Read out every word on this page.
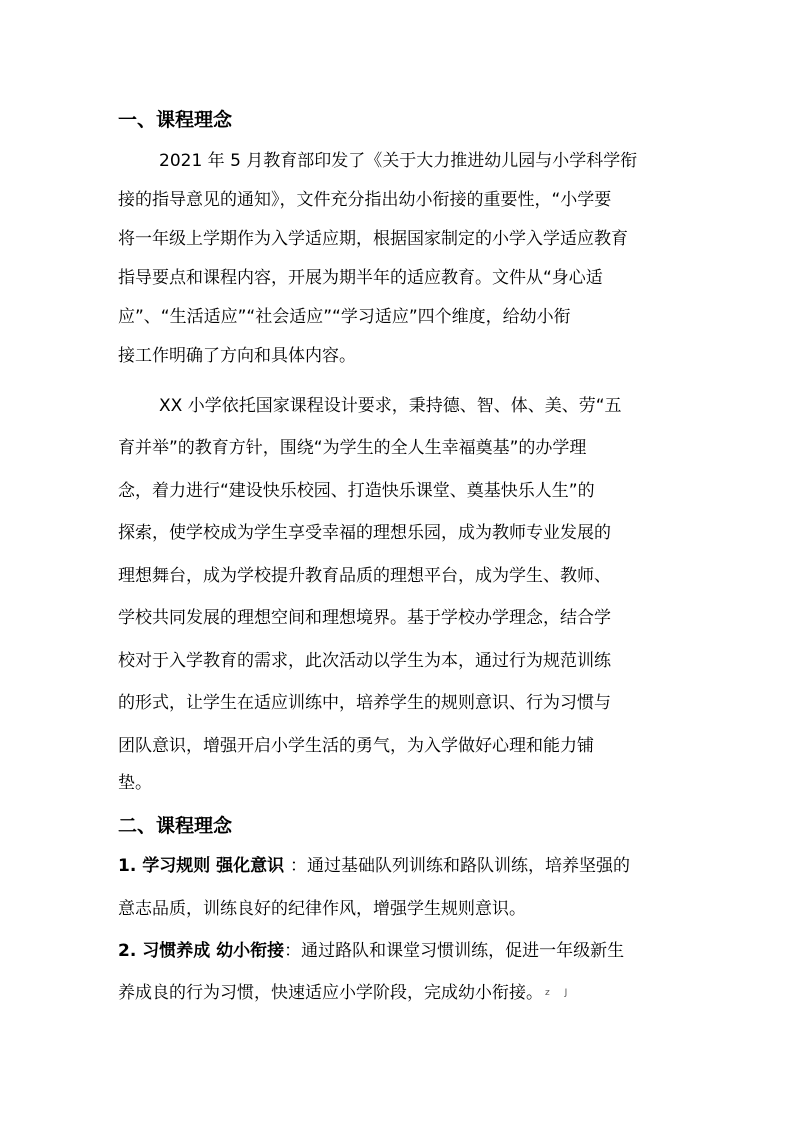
一、课程理念
2021 年 5 月教育部印发了《关于大力推进幼儿园与小学科学衔
接的指导意见的通知》，文件充分指出幼小衔接的重要性，“小学要
将一年级上学期作为入学适应期，根据国家制定的小学入学适应教育
指导要点和课程内容，开展为期半年的适应教育。文件从“身心适
应”、“生活适应”“社会适应”“学习适应”四个维度，给幼小衔
接工作明确了方向和具体内容。
XX 小学依托国家课程设计要求，秉持德、智、体、美、劳“五
育并举”的教育方针，围绕“为学生的全人生幸福奠基”的办学理
念，着力进行“建设快乐校园、打造快乐课堂、奠基快乐人生”的
探索，使学校成为学生享受幸福的理想乐园，成为教师专业发展的
理想舞台，成为学校提升教育品质的理想平台，成为学生、教师、
学校共同发展的理想空间和理想境界。基于学校办学理念，结合学
校对于入学教育的需求，此次活动以学生为本，通过行为规范训练
的形式，让学生在适应训练中，培养学生的规则意识、行为习惯与
团队意识，增强开启小学生活的勇气，为入学做好心理和能力铺
垫。
二、课程理念
1. 学习规则 强化意识 ：通过基础队列训练和路队训练，培养坚强的
意志品质，训练良好的纪律作风，增强学生规则意识。
2. 习惯养成 幼小衔接：通过路队和课堂习惯训练，促进一年级新生
养成良的行为习惯，快速适应小学阶段，完成幼小衔接。 z J
